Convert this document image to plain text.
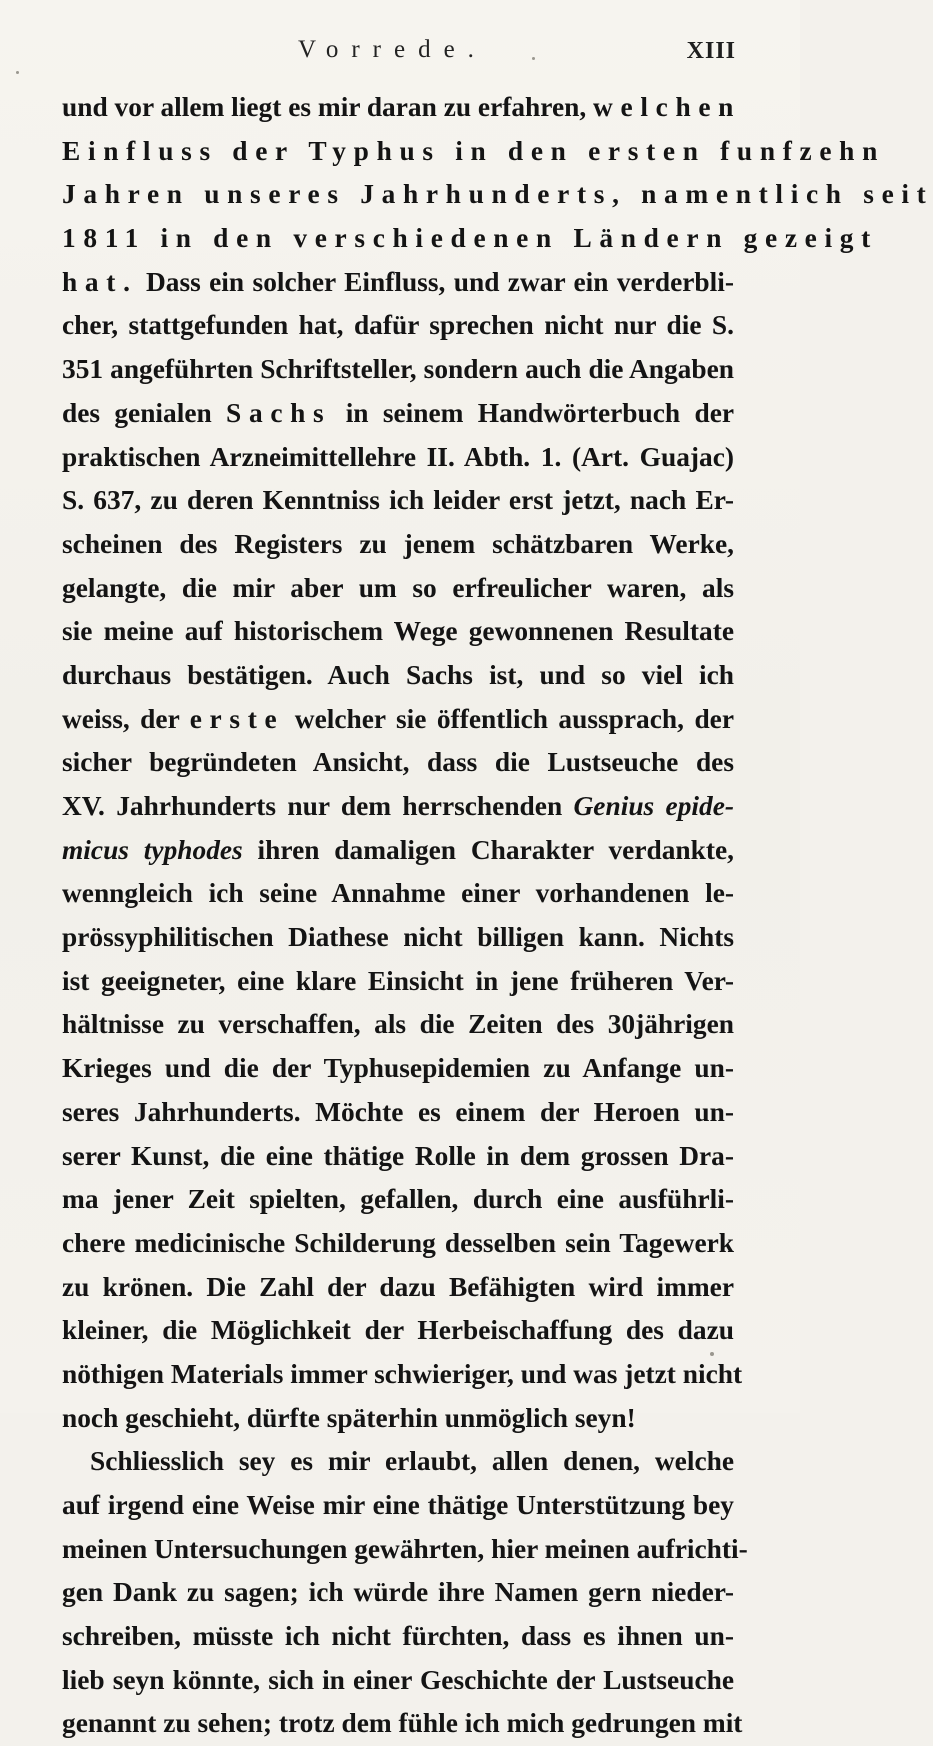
Vorrede.	XIII
und vor allem liegt es mir daran zu erfahren, welchen
Einfluss der Typhus in den ersten funfzehn
Jahren unseres Jahrhunderts, namentlich seit
1811 in den verschiedenen Ländern gezeigt
hat. Dass ein solcher Einfluss, und zwar ein verderbli-
cher, stattgefunden hat, dafür sprechen nicht nur die S.
351 angeführten Schriftsteller, sondern auch die Angaben
des genialen Sachs in seinem Handwörterbuch der
praktischen Arzneimittellehre II. Abth. 1. (Art. Guajac)
S. 637, zu deren Kenntniss ich leider erst jetzt, nach Er-
scheinen des Registers zu jenem schätzbaren Werke,
gelangte, die mir aber um so erfreulicher waren, als
sie meine auf historischem Wege gewonnenen Resultate
durchaus bestätigen. Auch Sachs ist, und so viel ich
weiss, der erste welcher sie öffentlich aussprach, der
sicher begründeten Ansicht, dass die Lustseuche des
XV. Jahrhunderts nur dem herrschenden Genius epide-
micus typhodes ihren damaligen Charakter verdankte,
wenngleich ich seine Annahme einer vorhandenen le-
prössyphilitischen Diathese nicht billigen kann. Nichts
ist geeigneter, eine klare Einsicht in jene früheren Ver-
hältnisse zu verschaffen, als die Zeiten des 30jährigen
Krieges und die der Typhusepidemien zu Anfange un-
seres Jahrhunderts. Möchte es einem der Heroen un-
serer Kunst, die eine thätige Rolle in dem grossen Dra-
ma jener Zeit spielten, gefallen, durch eine ausführli-
chere medicinische Schilderung desselben sein Tagewerk
zu krönen. Die Zahl der dazu Befähigten wird immer
kleiner, die Möglichkeit der Herbeischaffung des dazu
nöthigen Materials immer schwieriger, und was jetzt nicht
noch geschieht, dürfte späterhin unmöglich seyn!
Schliesslich sey es mir erlaubt, allen denen, welche
auf irgend eine Weise mir eine thätige Unterstützung bey
meinen Untersuchungen gewährten, hier meinen aufrichti-
gen Dank zu sagen; ich würde ihre Namen gern nieder-
schreiben, müsste ich nicht fürchten, dass es ihnen un-
lieb seyn könnte, sich in einer Geschichte der Lustseuche
genannt zu sehen; trotz dem fühle ich mich gedrungen mit
